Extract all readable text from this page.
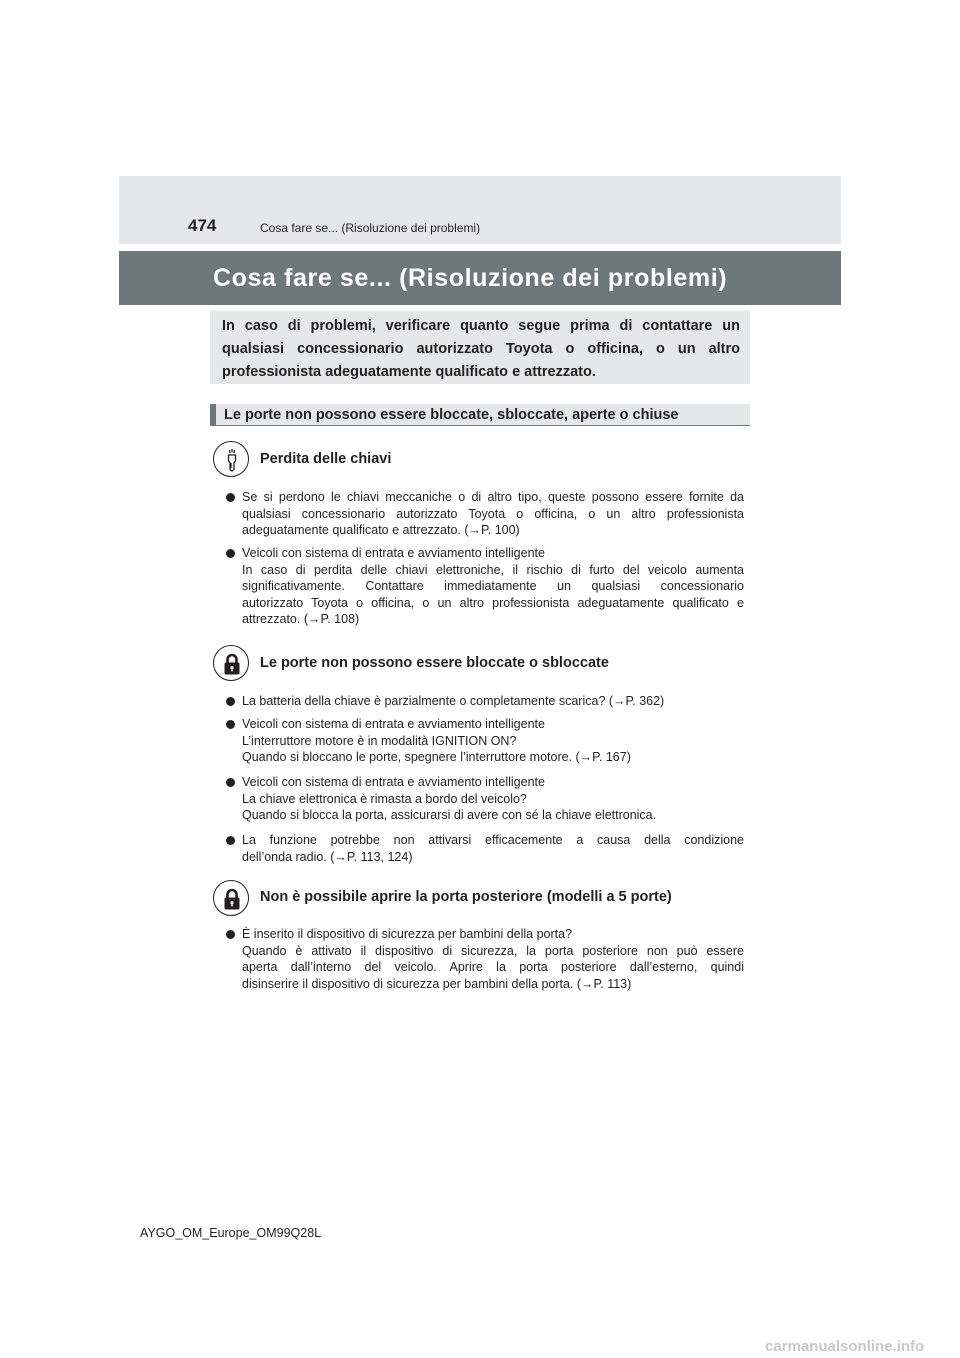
474	Cosa fare se... (Risoluzione dei problemi)
Cosa fare se... (Risoluzione dei problemi)
In caso di problemi, verificare quanto segue prima di contattare un qualsiasi concessionario autorizzato Toyota o officina, o un altro professionista adeguatamente qualificato e attrezzato.
Le porte non possono essere bloccate, sbloccate, aperte o chiuse
Perdita delle chiavi
Se si perdono le chiavi meccaniche o di altro tipo, queste possono essere fornite da
qualsiasi concessionario autorizzato Toyota o officina, o un altro professionista
adeguatamente qualificato e attrezzato. (→P. 100)
Veicoli con sistema di entrata e avviamento intelligente
In caso di perdita delle chiavi elettroniche, il rischio di furto del veicolo aumenta
significativamente. Contattare immediatamente un qualsiasi concessionario
autorizzato Toyota o officina, o un altro professionista adeguatamente qualificato e
attrezzato. (→P. 108)
Le porte non possono essere bloccate o sbloccate
La batteria della chiave è parzialmente o completamente scarica? (→P. 362)
Veicoli con sistema di entrata e avviamento intelligente
L’interruttore motore è in modalità IGNITION ON?
Quando si bloccano le porte, spegnere l’interruttore motore. (→P. 167)
Veicoli con sistema di entrata e avviamento intelligente
La chiave elettronica è rimasta a bordo del veicolo?
Quando si blocca la porta, assicurarsi di avere con sé la chiave elettronica.
La funzione potrebbe non attivarsi efficacemente a causa della condizione
dell’onda radio. (→P. 113, 124)
Non è possibile aprire la porta posteriore (modelli a 5 porte)
È inserito il dispositivo di sicurezza per bambini della porta?
Quando è attivato il dispositivo di sicurezza, la porta posteriore non può essere
aperta dall’interno del veicolo. Aprire la porta posteriore dall’esterno, quindi
disinserire il dispositivo di sicurezza per bambini della porta. (→P. 113)
AYGO_OM_Europe_OM99Q28L
carmanualsonline.info
